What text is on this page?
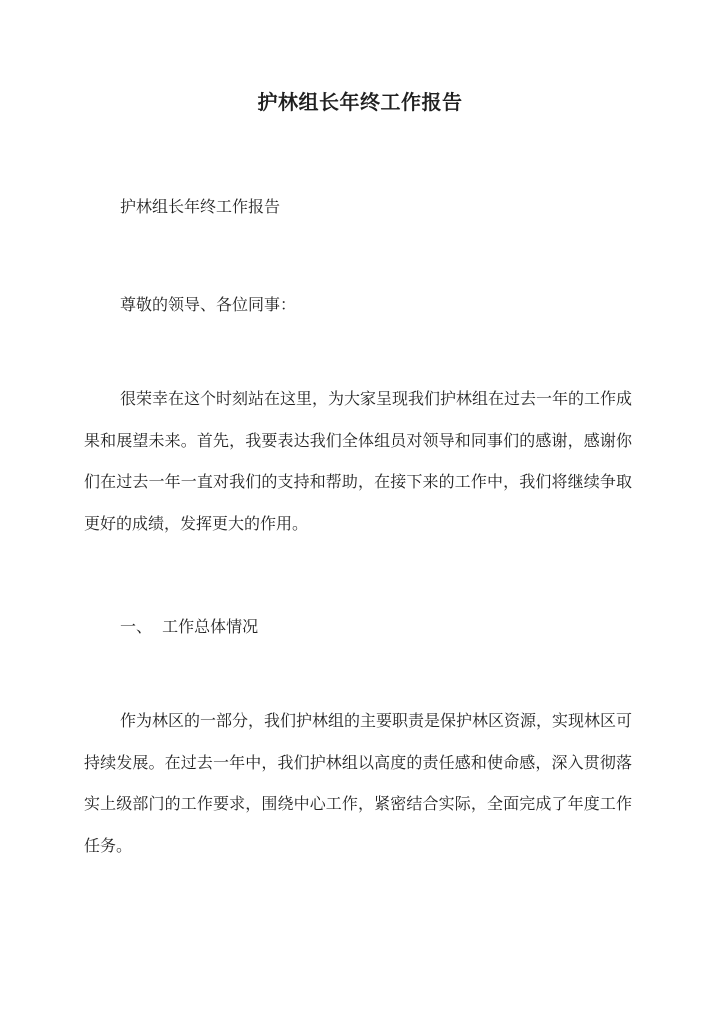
护林组长年终工作报告

护林组长年终工作报告

尊敬的领导、各位同事：

很荣幸在这个时刻站在这里，为大家呈现我们护林组在过去一年的工作成果和展望未来。首先，我要表达我们全体组员对领导和同事们的感谢，感谢你们在过去一年一直对我们的支持和帮助，在接下来的工作中，我们将继续争取更好的成绩，发挥更大的作用。

一、  工作总体情况

作为林区的一部分，我们护林组的主要职责是保护林区资源，实现林区可持续发展。在过去一年中，我们护林组以高度的责任感和使命感，深入贯彻落实上级部门的工作要求，围绕中心工作，紧密结合实际，全面完成了年度工作任务。
